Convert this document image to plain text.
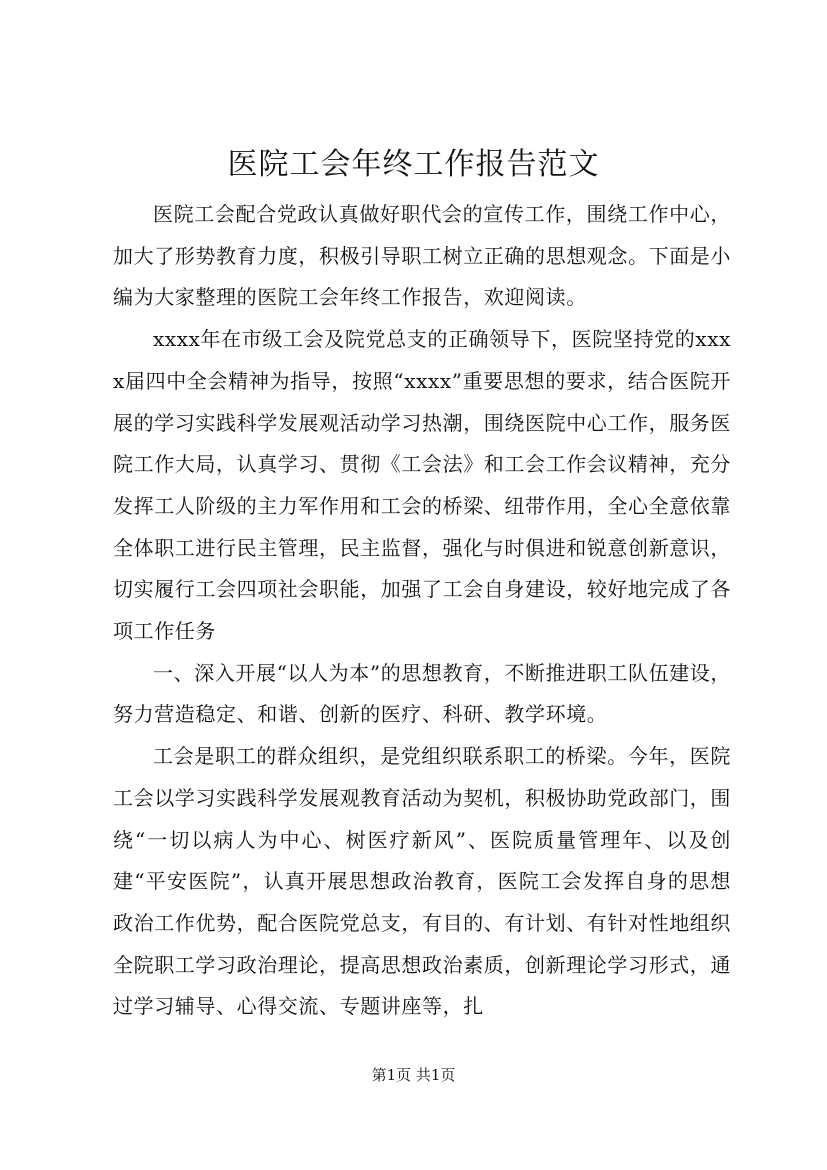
医院工会年终工作报告范文

医院工会配合党政认真做好职代会的宣传工作，围绕工作中心，加大了形势教育力度，积极引导职工树立正确的思想观念。下面是小编为大家整理的医院工会年终工作报告，欢迎阅读。

xxxx年在市级工会及院党总支的正确领导下，医院坚持党的xxxx届四中全会精神为指导，按照“xxxx”重要思想的要求，结合医院开展的学习实践科学发展观活动学习热潮，围绕医院中心工作，服务医院工作大局，认真学习、贯彻《工会法》和工会工作会议精神，充分发挥工人阶级的主力军作用和工会的桥梁、纽带作用，全心全意依靠全体职工进行民主管理，民主监督，强化与时俱进和锐意创新意识，切实履行工会四项社会职能，加强了工会自身建设，较好地完成了各项工作任务

一、深入开展“以人为本”的思想教育，不断推进职工队伍建设，努力营造稳定、和谐、创新的医疗、科研、教学环境。

工会是职工的群众组织，是党组织联系职工的桥梁。今年，医院工会以学习实践科学发展观教育活动为契机，积极协助党政部门，围绕“一切以病人为中心、树医疗新风”、医院质量管理年、以及创建“平安医院”，认真开展思想政治教育，医院工会发挥自身的思想政治工作优势，配合医院党总支，有目的、有计划、有针对性地组织全院职工学习政治理论，提高思想政治素质，创新理论学习形式，通过学习辅导、心得交流、专题讲座等，扎

第1页 共1页
